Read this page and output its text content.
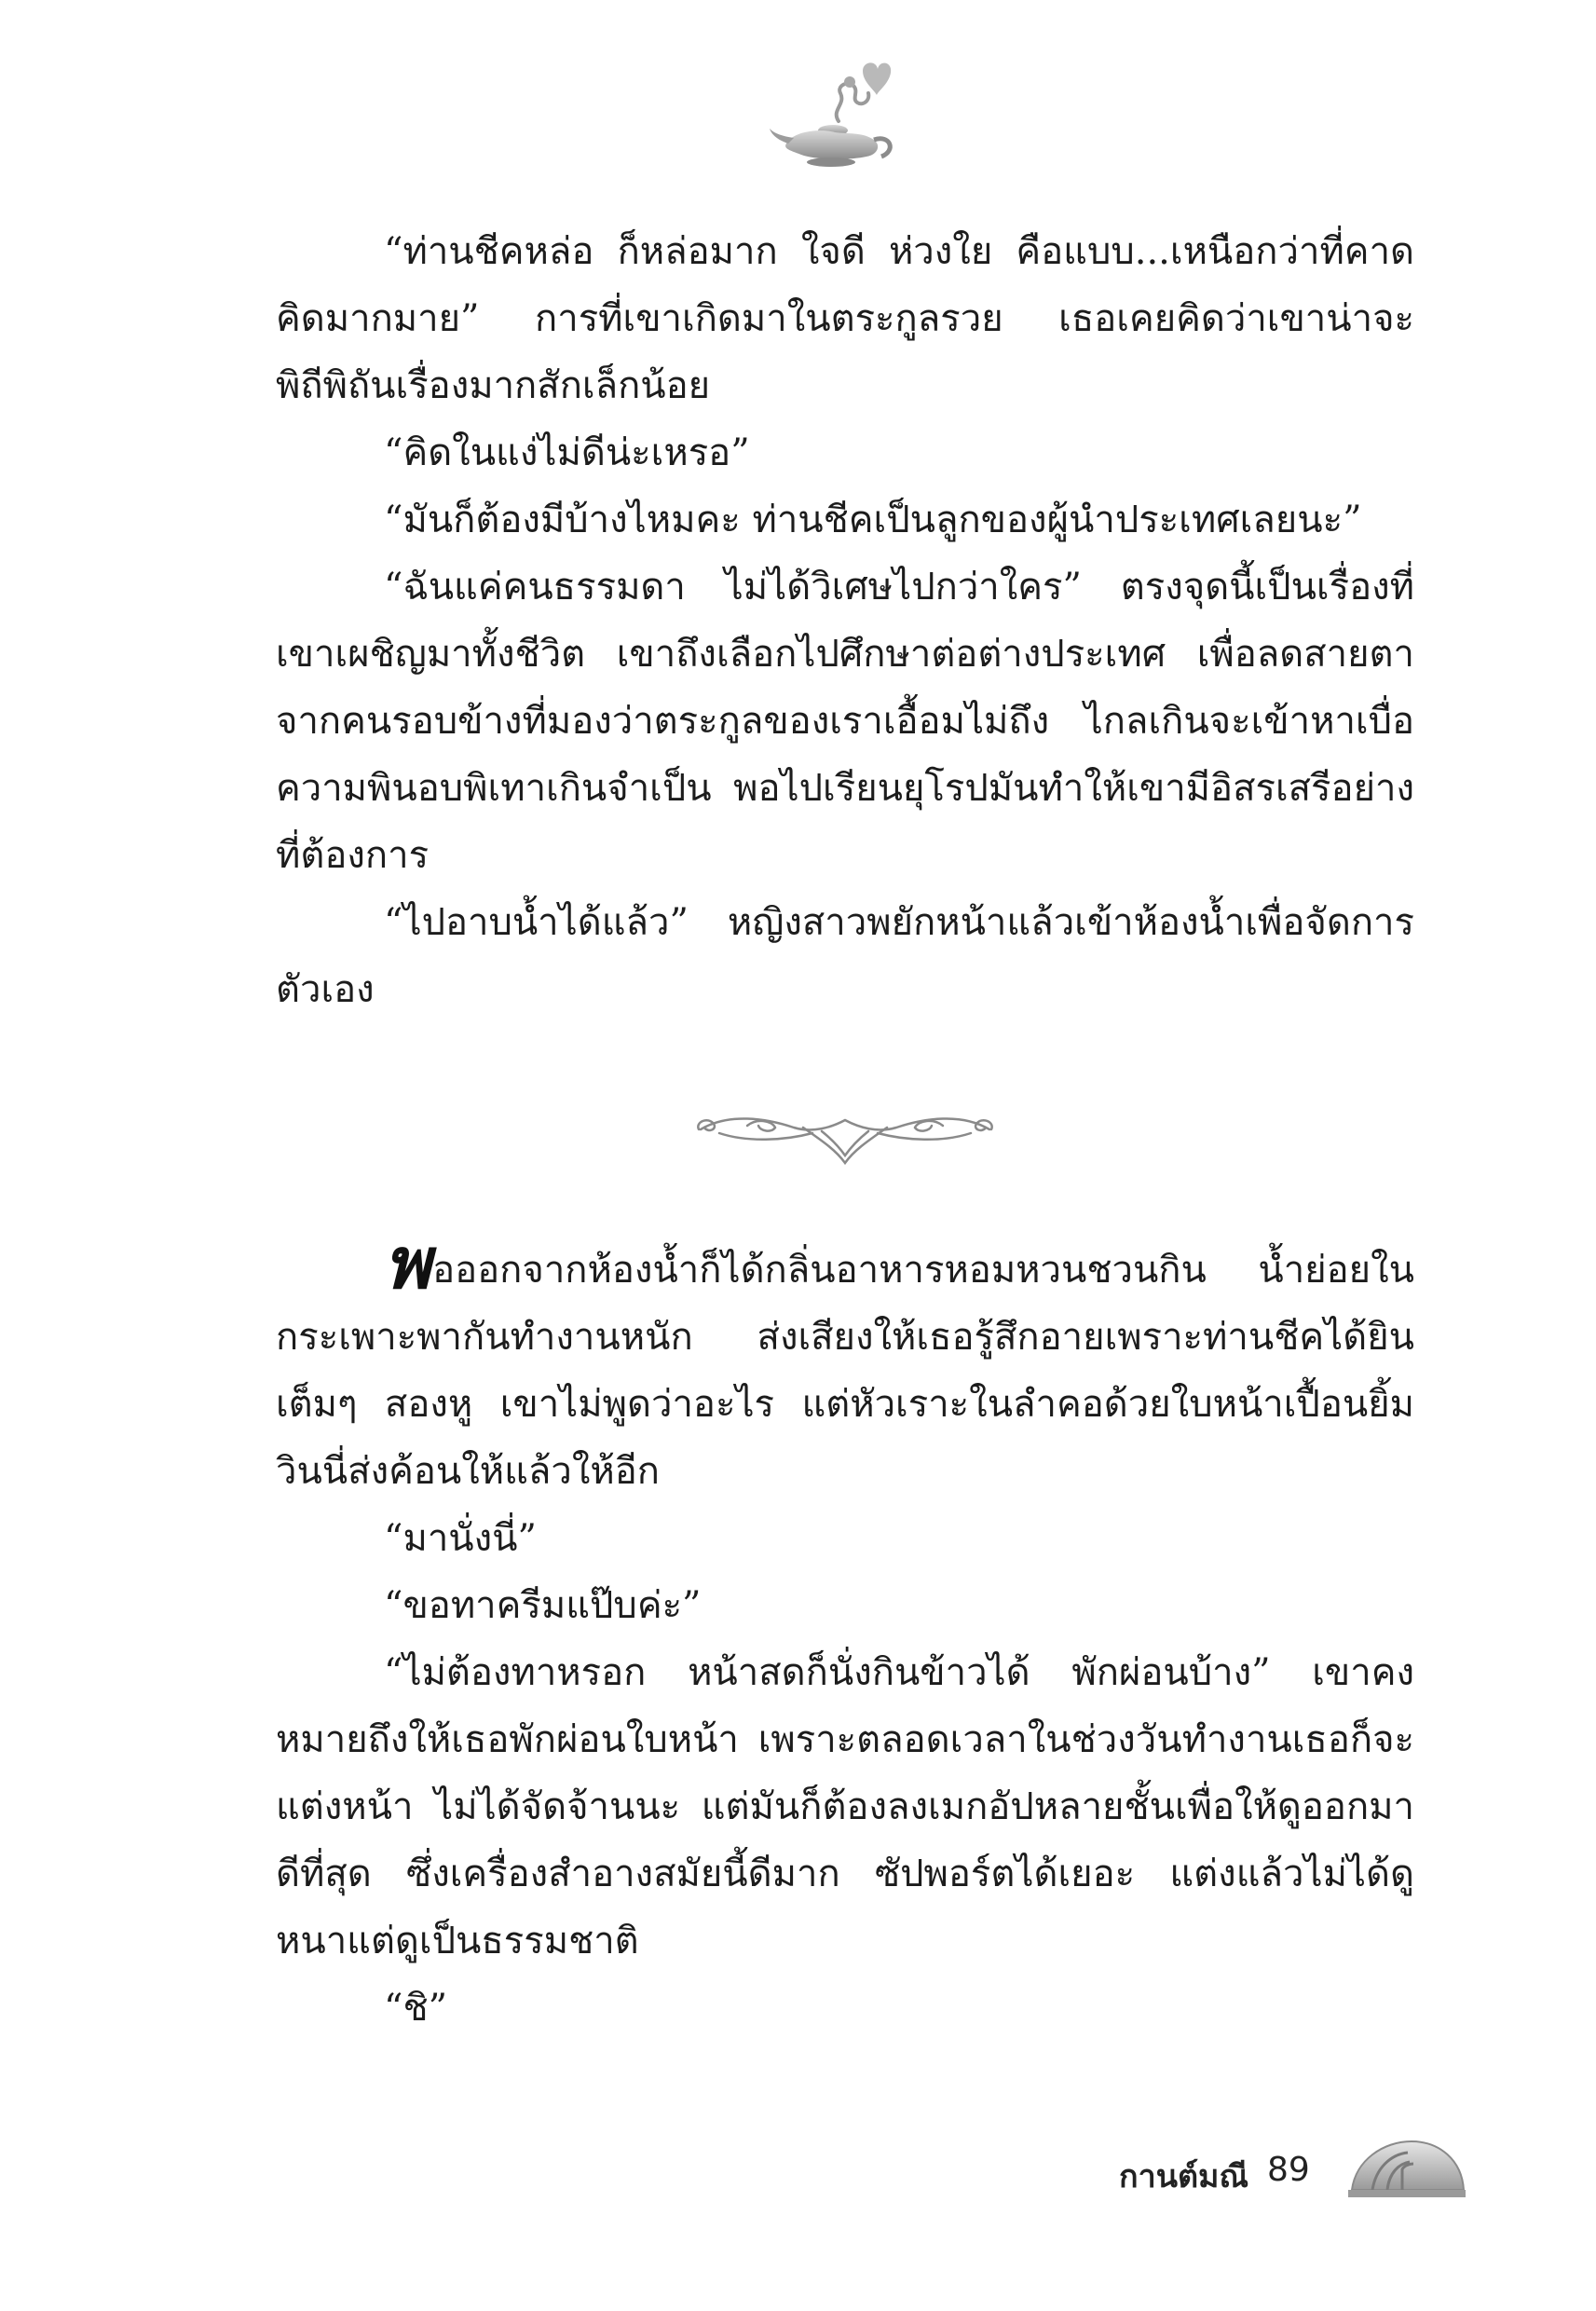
“ท่านชีคหล่อ ก็หล่อมาก ใจดี ห่วงใย คือแบบ...เหนือกว่าที่คาดคิดมากมาย” การที่เขาเกิดมาในตระกูลรวย เธอเคยคิดว่าเขาน่าจะพิถีพิถันเรื่องมากสักเล็กน้อย

“คิดในแง่ไม่ดีน่ะเหรอ”

“มันก็ต้องมีบ้างไหมคะ ท่านชีคเป็นลูกของผู้นำประเทศเลยนะ”

“ฉันแค่คนธรรมดา ไม่ได้วิเศษไปกว่าใคร” ตรงจุดนี้เป็นเรื่องที่เขาเผชิญมาทั้งชีวิต เขาถึงเลือกไปศึกษาต่อต่างประเทศ เพื่อลดสายตาจากคนรอบข้างที่มองว่าตระกูลของเราเอื้อมไม่ถึง ไกลเกินจะเข้าหาเบื่อความพินอบพิเทาเกินจำเป็น พอไปเรียนยุโรปมันทำให้เขามีอิสรเสรีอย่างที่ต้องการ

“ไปอาบน้ำได้แล้ว” หญิงสาวพยักหน้าแล้วเข้าห้องน้ำเพื่อจัดการตัวเอง

พอออกจากห้องน้ำก็ได้กลิ่นอาหารหอมหวนชวนกิน น้ำย่อยในกระเพาะพากันทำงานหนัก ส่งเสียงให้เธอรู้สึกอายเพราะท่านชีคได้ยินเต็มๆ สองหู เขาไม่พูดว่าอะไร แต่หัวเราะในลำคอด้วยใบหน้าเปื้อนยิ้ม วินนี่ส่งค้อนให้แล้วให้อีก

“มานั่งนี่”

“ขอทาครีมแป๊บค่ะ”

“ไม่ต้องทาหรอก หน้าสดก็นั่งกินข้าวได้ พักผ่อนบ้าง” เขาคงหมายถึงให้เธอพักผ่อนใบหน้า เพราะตลอดเวลาในช่วงวันทำงานเธอก็จะแต่งหน้า ไม่ได้จัดจ้านนะ แต่มันก็ต้องลงเมกอัปหลายชั้นเพื่อให้ดูออกมาดีที่สุด ซึ่งเครื่องสำอางสมัยนี้ดีมาก ซัปพอร์ตได้เยอะ แต่งแล้วไม่ได้ดูหนาแต่ดูเป็นธรรมชาติ

“ชิ”

กานต์มณี 89
